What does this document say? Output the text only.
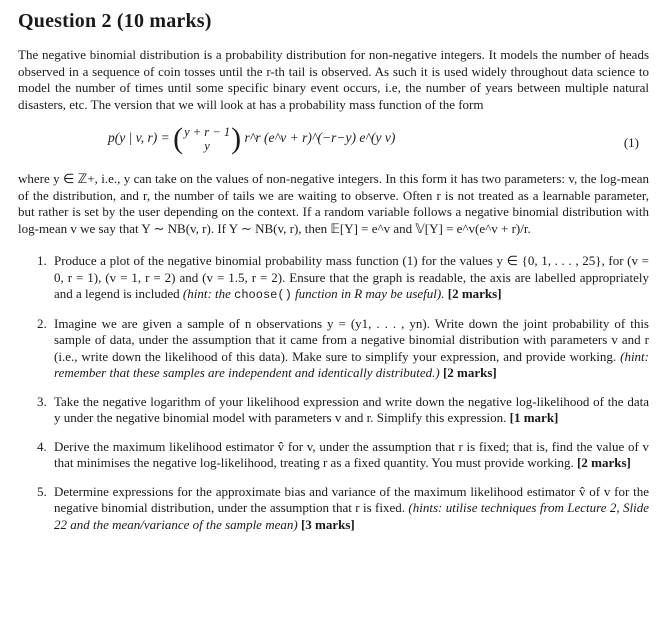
Question 2 (10 marks)

The negative binomial distribution is a probability distribution for non-negative integers. It models the number of heads observed in a sequence of coin tosses until the r-th tail is observed. As such it is used widely throughout data science to model the number of times until some specific binary event occurs, i.e, the number of years between multiple natural disasters, etc. The version that we will look at has a probability mass function of the form

p(y | v, r) = (y + r − 1
y ) r^r (e^v + r)^(−r−y) e^(y v)	(1)

where y ∈ ℤ+, i.e., y can take on the values of non-negative integers. In this form it has two parameters: v, the log-mean of the distribution, and r, the number of tails we are waiting to observe. Often r is not treated as a learnable parameter, but rather is set by the user depending on the context. If a random variable follows a negative binomial distribution with log-mean v we say that Y ∼ NB(v, r). If Y ∼ NB(v, r), then 𝔼[Y] = e^v and 𝕍[Y] = e^v(e^v + r)/r.

1. Produce a plot of the negative binomial probability mass function (1) for the values y ∈ {0, 1, . . . , 25}, for (v = 0, r = 1), (v = 1, r = 2) and (v = 1.5, r = 2). Ensure that the graph is readable, the axis are labelled appropriately and a legend is included (hint: the choose() function in R may be useful). [2 marks]
2. Imagine we are given a sample of n observations y = (y1, . . . , yn). Write down the joint probability of this sample of data, under the assumption that it came from a negative binomial distribution with parameters v and r (i.e., write down the likelihood of this data). Make sure to simplify your expression, and provide working. (hint: remember that these samples are independent and identically distributed.) [2 marks]
3. Take the negative logarithm of your likelihood expression and write down the negative log-likelihood of the data y under the negative binomial model with parameters v and r. Simplify this expression. [1 mark]
4. Derive the maximum likelihood estimator v̂ for v, under the assumption that r is fixed; that is, find the value of v that minimises the negative log-likelihood, treating r as a fixed quantity. You must provide working. [2 marks]
5. Determine expressions for the approximate bias and variance of the maximum likelihood estimator v̂ of v for the negative binomial distribution, under the assumption that r is fixed. (hints: utilise techniques from Lecture 2, Slide 22 and the mean/variance of the sample mean) [3 marks]
